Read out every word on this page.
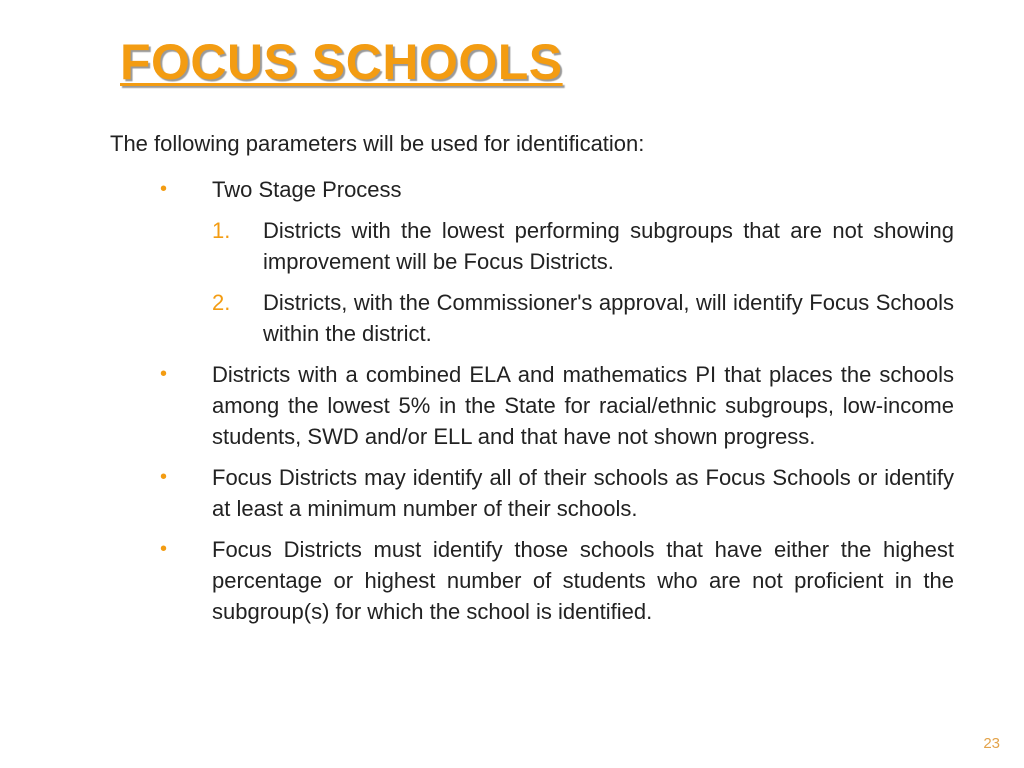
FOCUS SCHOOLS
The following parameters will be used for identification:
•	Two Stage Process
1.	Districts with the lowest performing subgroups that are not showing improvement will be Focus Districts.
2.	Districts, with the Commissioner's approval, will identify Focus Schools within the district.
•	Districts with a combined ELA and mathematics PI that places the schools among the lowest 5% in the State for racial/ethnic subgroups, low-income students, SWD and/or ELL and that have not shown progress.
•	Focus Districts may identify all of their schools as Focus Schools or identify at least a minimum number of their schools.
•	Focus Districts must identify those schools that have either the highest percentage or highest number of students who are not proficient in the subgroup(s) for which the school is identified.
23
